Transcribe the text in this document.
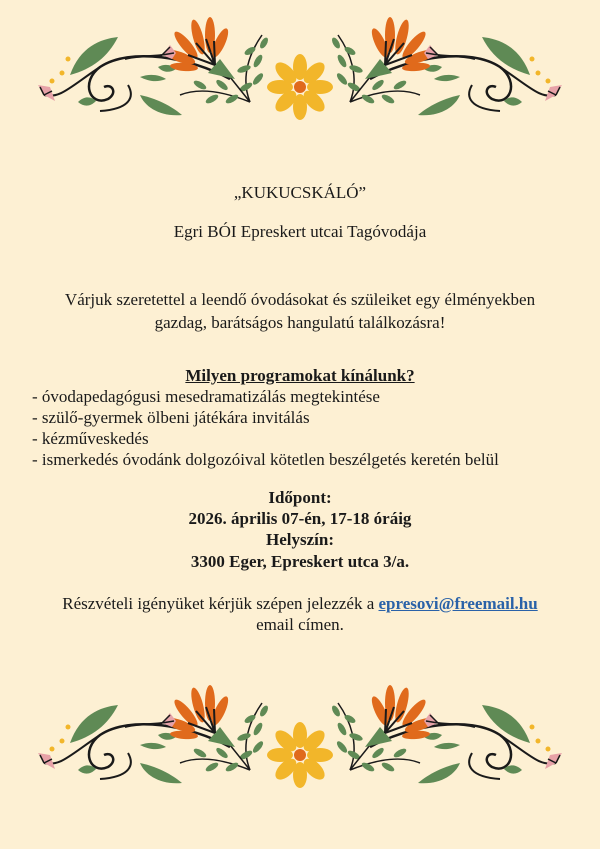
„KUKUCSKÁLÓ”
Egri BÓI Epreskert utcai Tagóvodája
Várjuk szeretettel a leendő óvodásokat és szüleiket egy élményekben
gazdag, barátságos hangulatú találkozásra!
Milyen programokat kínálunk?
- óvodapedagógusi mesedramatizálás megtekintése
- szülő-gyermek ölbeni játékára invitálás
- kézműveskedés
- ismerkedés óvodánk dolgozóival kötetlen beszélgetés keretén belül
Időpont:
2026. április 07-én, 17-18 óráig
Helyszín:
3300 Eger, Epreskert utca 3/a.
Részvételi igényüket kérjük szépen jelezzék a epresovi@freemail.hu
email címen.
